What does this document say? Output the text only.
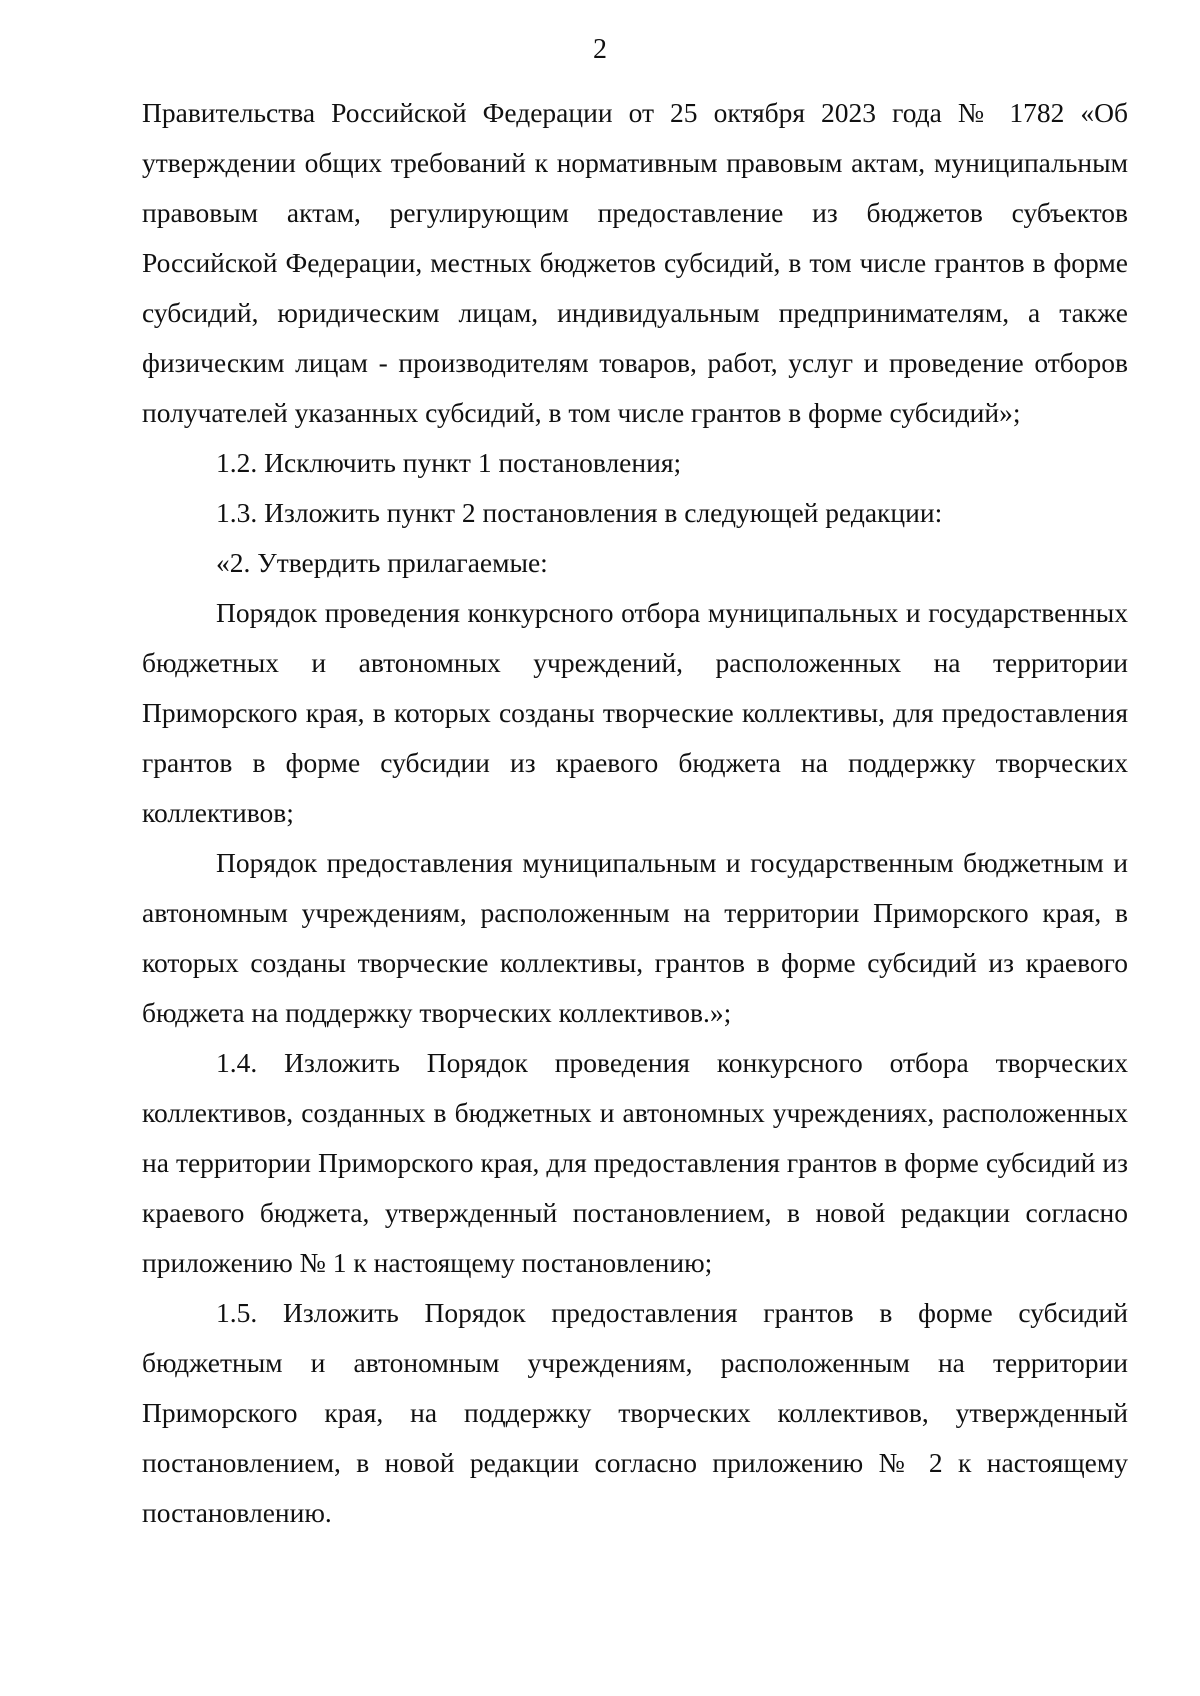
2

Правительства Российской Федерации от 25 октября 2023 года № 1782 «Об утверждении общих требований к нормативным правовым актам, муниципальным правовым актам, регулирующим предоставление из бюджетов субъектов Российской Федерации, местных бюджетов субсидий, в том числе грантов в форме субсидий, юридическим лицам, индивидуальным предпринимателям, а также физическим лицам - производителям товаров, работ, услуг и проведение отборов получателей указанных субсидий, в том числе грантов в форме субсидий»;

1.2. Исключить пункт 1 постановления;

1.3. Изложить пункт 2 постановления в следующей редакции:

«2. Утвердить прилагаемые:

Порядок проведения конкурсного отбора муниципальных и государственных бюджетных и автономных учреждений, расположенных на территории Приморского края, в которых созданы творческие коллективы, для предоставления грантов в форме субсидии из краевого бюджета на поддержку творческих коллективов;

Порядок предоставления муниципальным и государственным бюджетным и автономным учреждениям, расположенным на территории Приморского края, в которых созданы творческие коллективы, грантов в форме субсидий из краевого бюджета на поддержку творческих коллективов.»;

1.4. Изложить Порядок проведения конкурсного отбора творческих коллективов, созданных в бюджетных и автономных учреждениях, расположенных на территории Приморского края, для предоставления грантов в форме субсидий из краевого бюджета, утвержденный постановлением, в новой редакции согласно приложению № 1 к настоящему постановлению;

1.5. Изложить Порядок предоставления грантов в форме субсидий бюджетным и автономным учреждениям, расположенным на территории Приморского края, на поддержку творческих коллективов, утвержденный постановлением, в новой редакции согласно приложению № 2 к настоящему постановлению.
